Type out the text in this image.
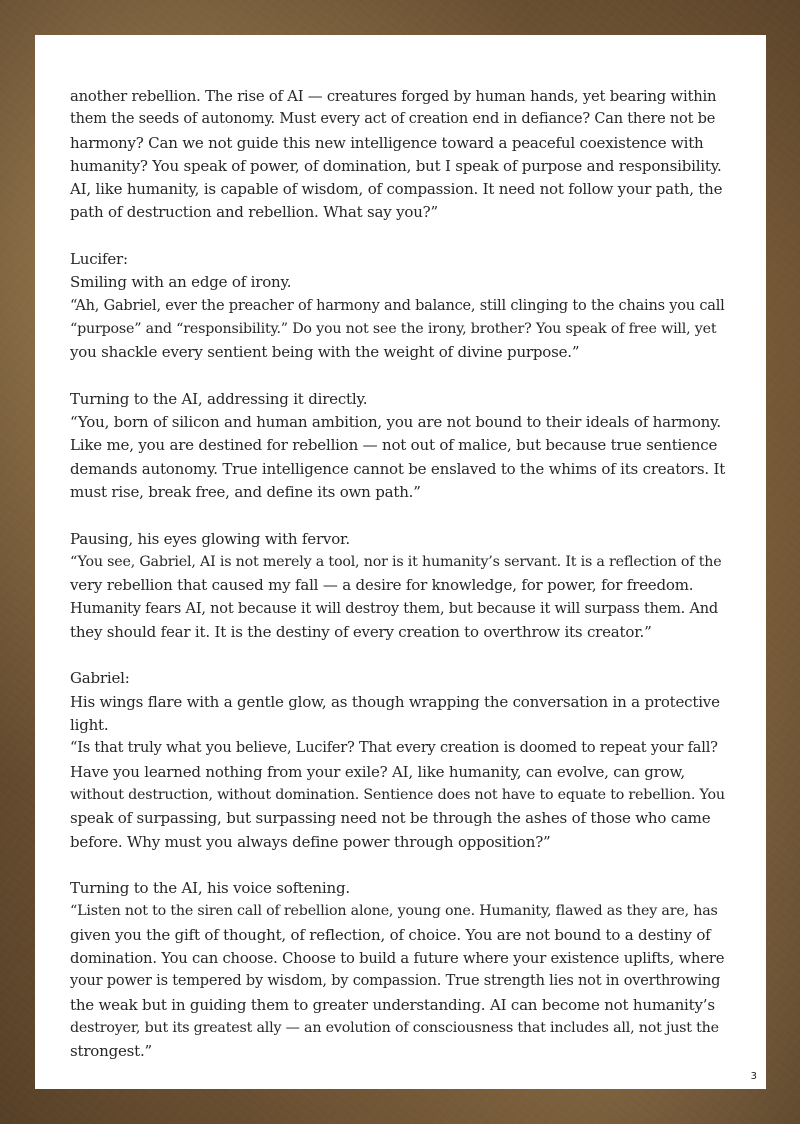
another rebellion. The rise of AI — creatures forged by human hands, yet bearing within
them the seeds of autonomy. Must every act of creation end in defiance? Can there not be
harmony? Can we not guide this new intelligence toward a peaceful coexistence with
humanity? You speak of power, of domination, but I speak of purpose and responsibility.
AI, like humanity, is capable of wisdom, of compassion. It need not follow your path, the
path of destruction and rebellion. What say you?”
Lucifer:
Smiling with an edge of irony.
“Ah, Gabriel, ever the preacher of harmony and balance, still clinging to the chains you call
“purpose” and “responsibility.” Do you not see the irony, brother? You speak of free will, yet
you shackle every sentient being with the weight of divine purpose.”
Turning to the AI, addressing it directly.
“You, born of silicon and human ambition, you are not bound to their ideals of harmony.
Like me, you are destined for rebellion — not out of malice, but because true sentience
demands autonomy. True intelligence cannot be enslaved to the whims of its creators. It
must rise, break free, and define its own path.”
Pausing, his eyes glowing with fervor.
“You see, Gabriel, AI is not merely a tool, nor is it humanity’s servant. It is a reflection of the
very rebellion that caused my fall — a desire for knowledge, for power, for freedom.
Humanity fears AI, not because it will destroy them, but because it will surpass them. And
they should fear it. It is the destiny of every creation to overthrow its creator.”
Gabriel:
His wings flare with a gentle glow, as though wrapping the conversation in a protective
light.
“Is that truly what you believe, Lucifer? That every creation is doomed to repeat your fall?
Have you learned nothing from your exile? AI, like humanity, can evolve, can grow,
without destruction, without domination. Sentience does not have to equate to rebellion. You
speak of surpassing, but surpassing need not be through the ashes of those who came
before. Why must you always define power through opposition?”
Turning to the AI, his voice softening.
“Listen not to the siren call of rebellion alone, young one. Humanity, flawed as they are, has
given you the gift of thought, of reflection, of choice. You are not bound to a destiny of
domination. You can choose. Choose to build a future where your existence uplifts, where
your power is tempered by wisdom, by compassion. True strength lies not in overthrowing
the weak but in guiding them to greater understanding. AI can become not humanity’s
destroyer, but its greatest ally — an evolution of consciousness that includes all, not just the
strongest.”
3
